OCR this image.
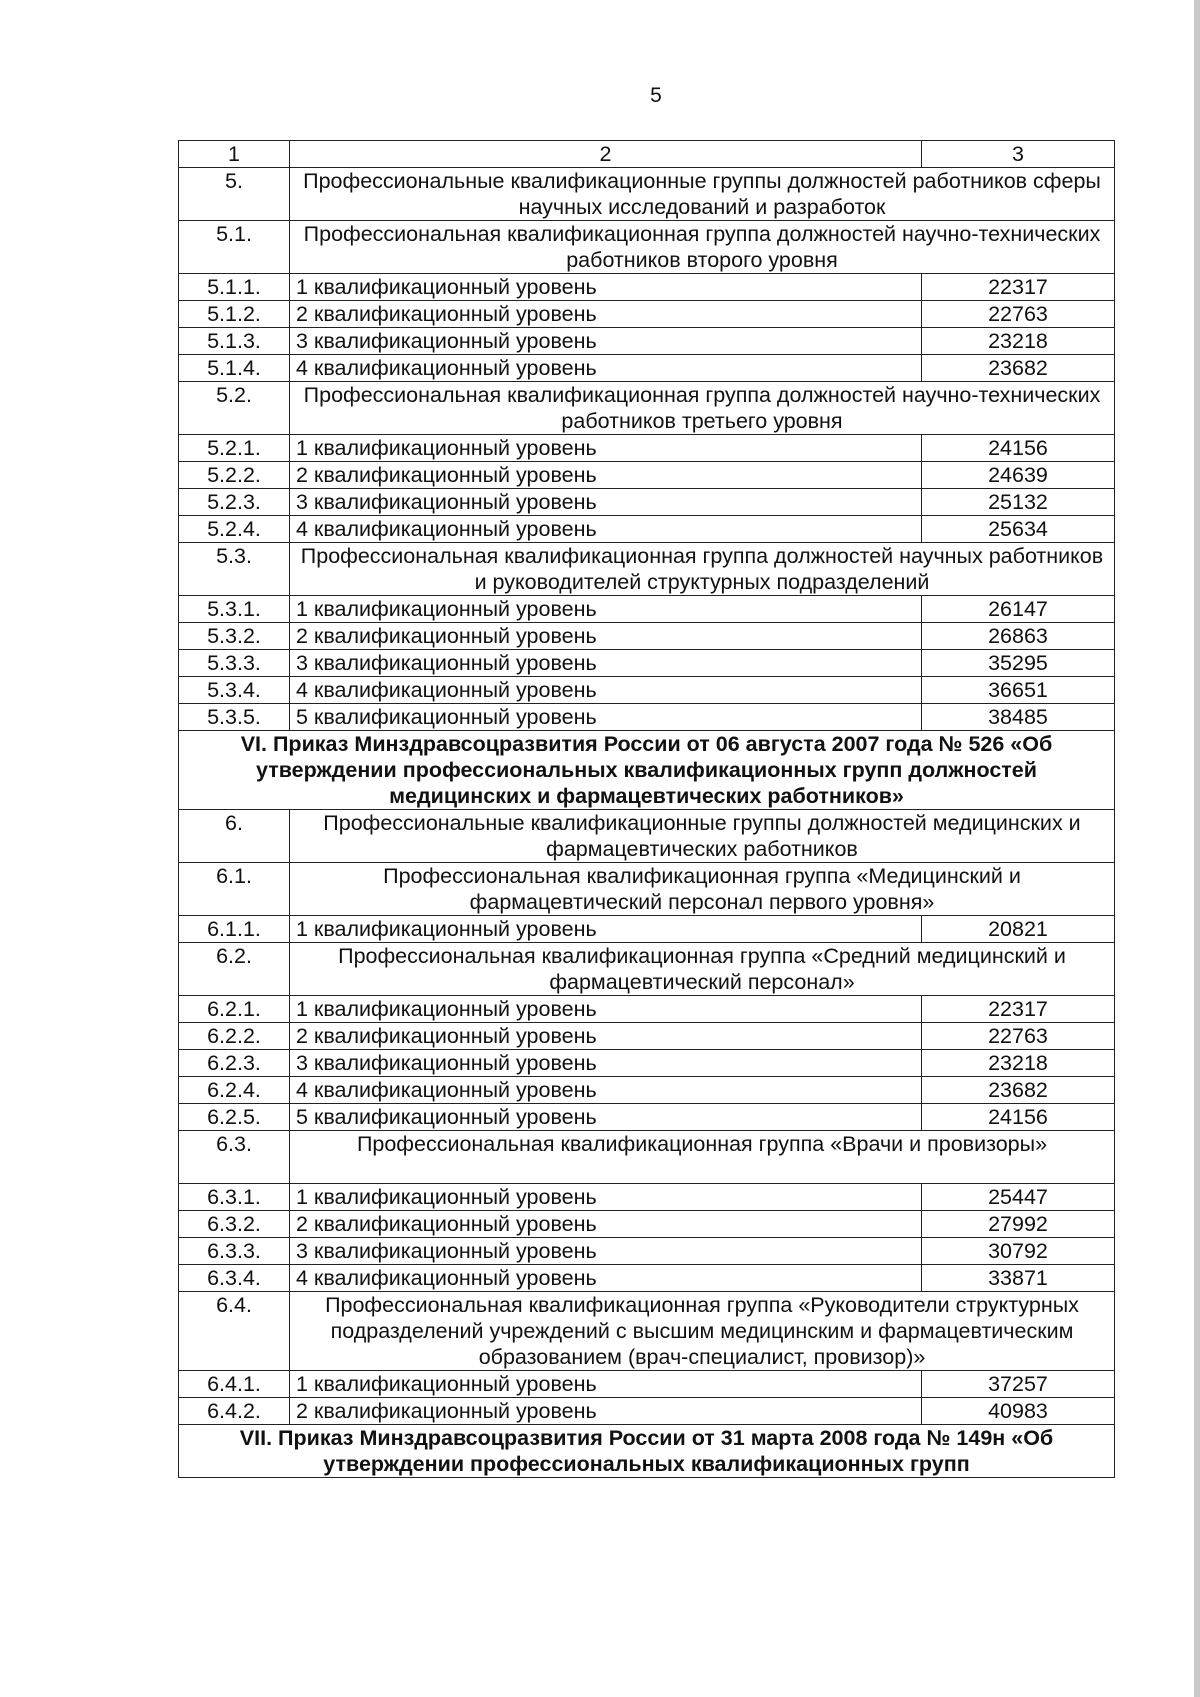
5
1	2	3
5.	Профессиональные квалификационные группы должностей работников сферы научных исследований и разработок	
5.1.	Профессиональная квалификационная группа должностей научно-технических работников второго уровня	
5.1.1.	1 квалификационный уровень	22317
5.1.2.	2 квалификационный уровень	22763
5.1.3.	3 квалификационный уровень	23218
5.1.4.	4 квалификационный уровень	23682
5.2.	Профессиональная квалификационная группа должностей научно-технических работников третьего уровня	
5.2.1.	1 квалификационный уровень	24156
5.2.2.	2 квалификационный уровень	24639
5.2.3.	3 квалификационный уровень	25132
5.2.4.	4 квалификационный уровень	25634
5.3.	Профессиональная квалификационная группа должностей научных работников и руководителей структурных подразделений	
5.3.1.	1 квалификационный уровень	26147
5.3.2.	2 квалификационный уровень	26863
5.3.3.	3 квалификационный уровень	35295
5.3.4.	4 квалификационный уровень	36651
5.3.5.	5 квалификационный уровень	38485
VI. Приказ Минздравсоцразвития России от 06 августа 2007 года № 526 «Об утверждении профессиональных квалификационных групп должностей медицинских и фармацевтических работников»		
6.	Профессиональные квалификационные группы должностей медицинских и фармацевтических работников	
6.1.	Профессиональная квалификационная группа «Медицинский и фармацевтический персонал первого уровня»	
6.1.1.	1 квалификационный уровень	20821
6.2.	Профессиональная квалификационная группа «Средний медицинский и фармацевтический персонал»	
6.2.1.	1 квалификационный уровень	22317
6.2.2.	2 квалификационный уровень	22763
6.2.3.	3 квалификационный уровень	23218
6.2.4.	4 квалификационный уровень	23682
6.2.5.	5 квалификационный уровень	24156
6.3.	Профессиональная квалификационная группа «Врачи и провизоры»	
6.3.1.	1 квалификационный уровень	25447
6.3.2.	2 квалификационный уровень	27992
6.3.3.	3 квалификационный уровень	30792
6.3.4.	4 квалификационный уровень	33871
6.4.	Профессиональная квалификационная группа «Руководители структурных подразделений учреждений с высшим медицинским и фармацевтическим образованием (врач-специалист, провизор)»	
6.4.1.	1 квалификационный уровень	37257
6.4.2.	2 квалификационный уровень	40983
VII. Приказ Минздравсоцразвития России от 31 марта 2008 года № 149н «Об утверждении профессиональных квалификационных групп		
